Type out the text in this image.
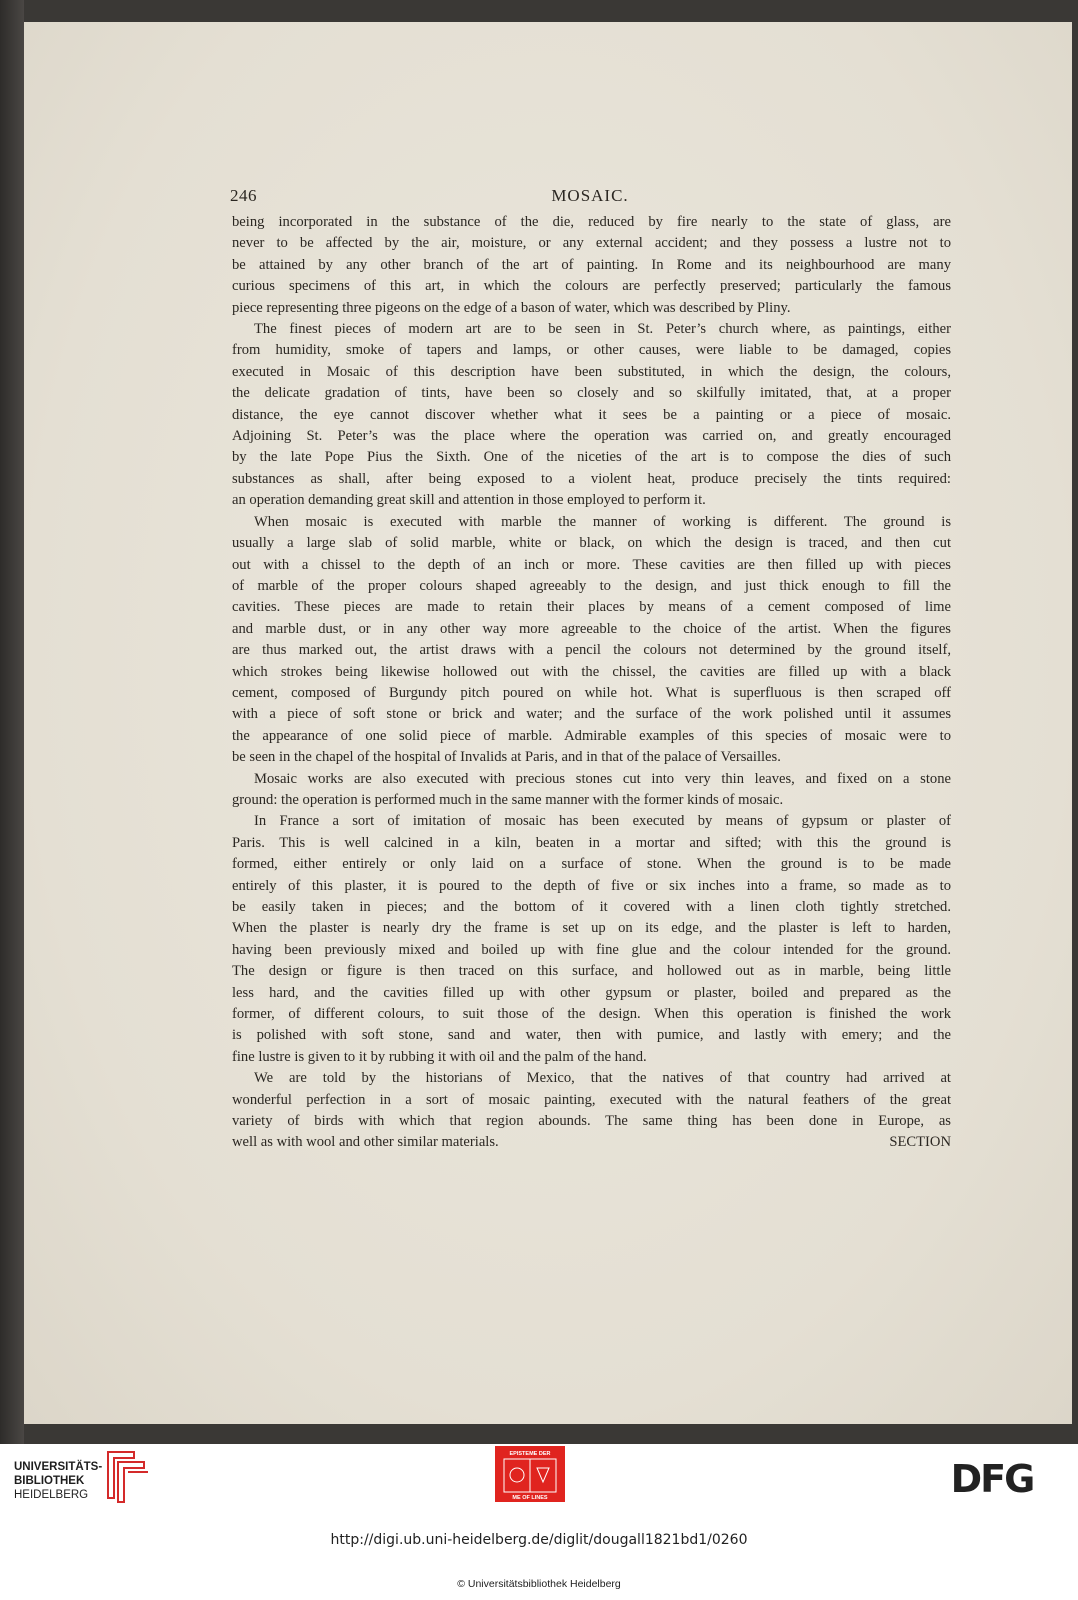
MOSAIC.
246

being incorporated in the substance of the die, reduced by fire nearly to the state of glass, are

never to be affected by the air, moisture, or any external accident; and they possess a lustre not to

be attained by any other branch of the art of painting. In Rome and its neighbourhood are many

curious specimens of this art, in which the colours are perfectly preserved; particularly the famous

piece representing three pigeons on the edge of a bason of water, which was described by Pliny.

The finest pieces of modern art are to be seen in St. Peter’s church where, as paintings, either

from humidity, smoke of tapers and lamps, or other causes, were liable to be damaged, copies

executed in Mosaic of this description have been substituted, in which the design, the colours,

the delicate gradation of tints, have been so closely and so skilfully imitated, that, at a proper

distance, the eye cannot discover whether what it sees be a painting or a piece of mosaic.

Adjoining St. Peter’s was the place where the operation was carried on, and greatly encouraged

by the late Pope Pius the Sixth. One of the niceties of the art is to compose the dies of such

substances as shall, after being exposed to a violent heat, produce precisely the tints required:

an operation demanding great skill and attention in those employed to perform it.

When mosaic is executed with marble the manner of working is different. The ground is

usually a large slab of solid marble, white or black, on which the design is traced, and then cut

out with a chissel to the depth of an inch or more. These cavities are then filled up with pieces

of marble of the proper colours shaped agreeably to the design, and just thick enough to fill the

cavities. These pieces are made to retain their places by means of a cement composed of lime

and marble dust, or in any other way more agreeable to the choice of the artist. When the figures

are thus marked out, the artist draws with a pencil the colours not determined by the ground itself,

which strokes being likewise hollowed out with the chissel, the cavities are filled up with a black

cement, composed of Burgundy pitch poured on while hot. What is superfluous is then scraped off

with a piece of soft stone or brick and water; and the surface of the work polished until it assumes

the appearance of one solid piece of marble. Admirable examples of this species of mosaic were to

be seen in the chapel of the hospital of Invalids at Paris, and in that of the palace of Versailles.

Mosaic works are also executed with precious stones cut into very thin leaves, and fixed on a stone

ground: the operation is performed much in the same manner with the former kinds of mosaic.

In France a sort of imitation of mosaic has been executed by means of gypsum or plaster of

Paris. This is well calcined in a kiln, beaten in a mortar and sifted; with this the ground is

formed, either entirely or only laid on a surface of stone. When the ground is to be made

entirely of this plaster, it is poured to the depth of five or six inches into a frame, so made as to

be easily taken in pieces; and the bottom of it covered with a linen cloth tightly stretched.

When the plaster is nearly dry the frame is set up on its edge, and the plaster is left to harden,

having been previously mixed and boiled up with fine glue and the colour intended for the ground.

The design or figure is then traced on this surface, and hollowed out as in marble, being little

less hard, and the cavities filled up with other gypsum or plaster, boiled and prepared as the

former, of different colours, to suit those of the design. When this operation is finished the work

is polished with soft stone, sand and water, then with pumice, and lastly with emery; and the

fine lustre is given to it by rubbing it with oil and the palm of the hand.

We are told by the historians of Mexico, that the natives of that country had arrived at

wonderful perfection in a sort of mosaic painting, executed with the natural feathers of the great

variety of birds with which that region abounds. The same thing has been done in Europe, as

well as with wool and other similar materials.	SECTION
UNIVERSITÄTS-
BIBLIOTHEK
HEIDELBERG
EPISTEME DER
ME OF LINES	DFG
http://digi.ub.uni-heidelberg.de/diglit/dougall1821bd1/0260
© Universitätsbibliothek Heidelberg
